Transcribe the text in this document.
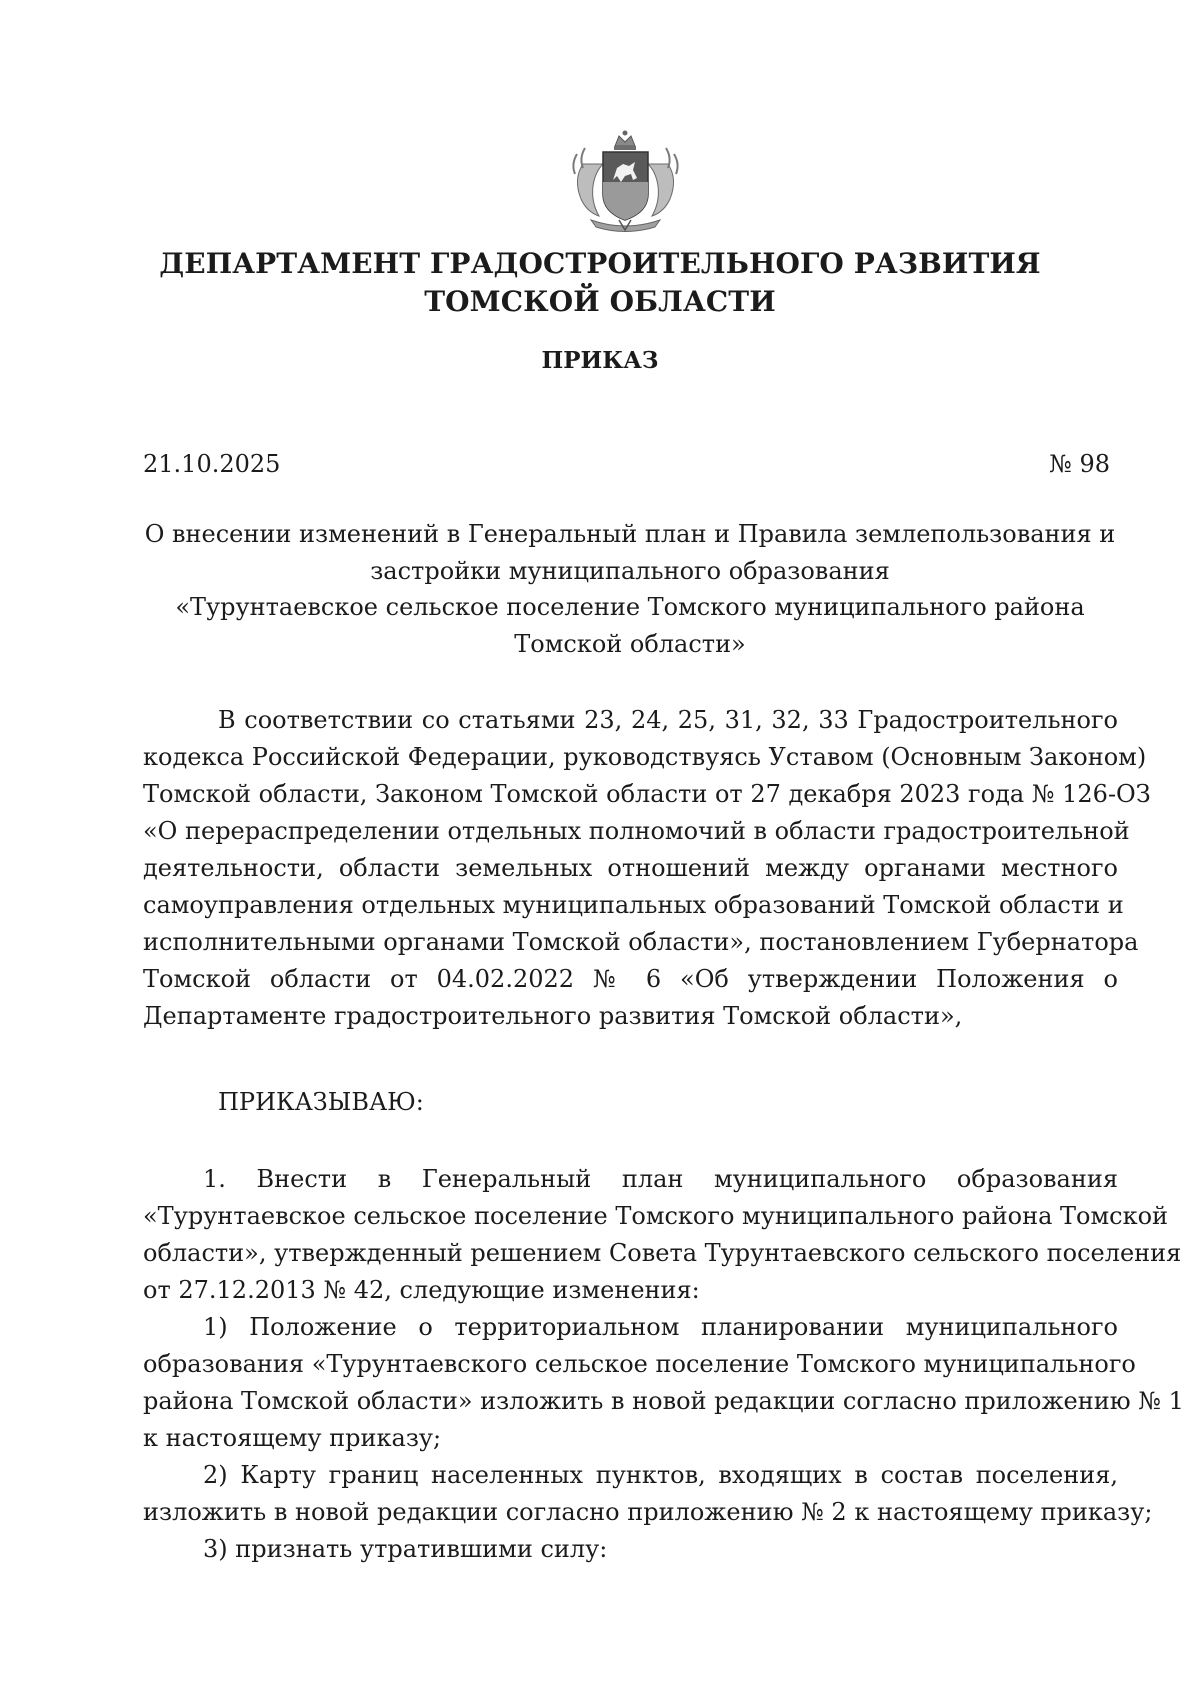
ДЕПАРТАМЕНТ ГРАДОСТРОИТЕЛЬНОГО РАЗВИТИЯ
ТОМСКОЙ ОБЛАСТИ
ПРИКАЗ
21.10.2025	№ 98
О внесении изменений в Генеральный план и Правила землепользования и
застройки муниципального образования
«Турунтаевское сельское поселение Томского муниципального района
Томской области»
В соответствии со статьями 23, 24, 25, 31, 32, 33 Градостроительного
кодекса Российской Федерации, руководствуясь Уставом (Основным Законом)
Томской области, Законом Томской области от 27 декабря 2023 года № 126-ОЗ
«О перераспределении отдельных полномочий в области градостроительной
деятельности, области земельных отношений между органами местного
самоуправления отдельных муниципальных образований Томской области и
исполнительными органами Томской области», постановлением Губернатора
Томской области от 04.02.2022 № 6 «Об утверждении Положения о
Департаменте градостроительного развития Томской области»,
ПРИКАЗЫВАЮ:
1. Внести в Генеральный план муниципального образования
«Турунтаевское сельское поселение Томского муниципального района Томской
области», утвержденный решением Совета Турунтаевского сельского поселения
от 27.12.2013 № 42, следующие изменения:
1) Положение о территориальном планировании муниципального
образования «Турунтаевского сельское поселение Томского муниципального
района Томской области» изложить в новой редакции согласно приложению № 1
к настоящему приказу;
2) Карту границ населенных пунктов, входящих в состав поселения,
изложить в новой редакции согласно приложению № 2 к настоящему приказу;
3) признать утратившими силу:
